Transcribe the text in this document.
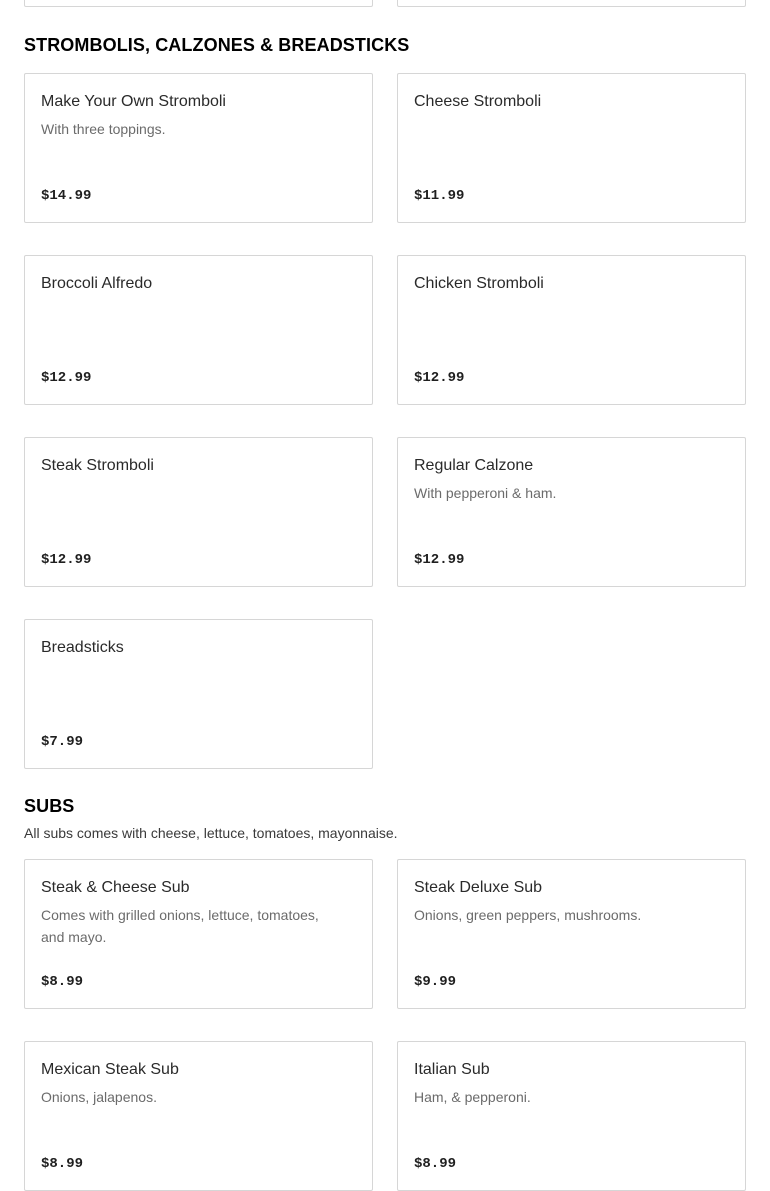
STROMBOLIS, CALZONES & BREADSTICKS
Make Your Own Stromboli
With three toppings.
$14.99
Cheese Stromboli
$11.99
Broccoli Alfredo
$12.99
Chicken Stromboli
$12.99
Steak Stromboli
$12.99
Regular Calzone
With pepperoni & ham.
$12.99
Breadsticks
$7.99
SUBS
All subs comes with cheese, lettuce, tomatoes, mayonnaise.
Steak & Cheese Sub
Comes with grilled onions, lettuce, tomatoes, and mayo.
$8.99
Steak Deluxe Sub
Onions, green peppers, mushrooms.
$9.99
Mexican Steak Sub
Onions, jalapenos.
$8.99
Italian Sub
Ham, & pepperoni.
$8.99
